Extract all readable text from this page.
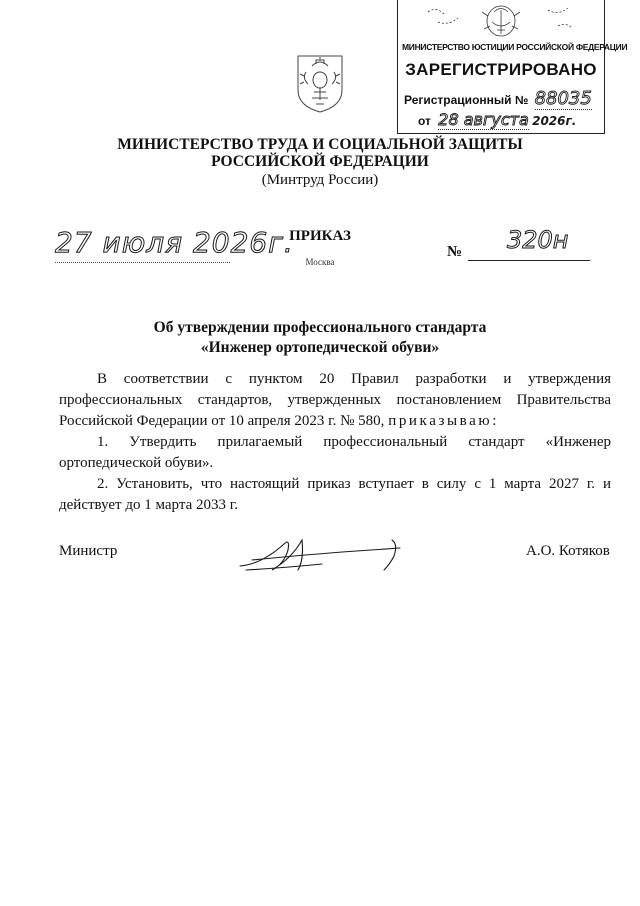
МИНИСТЕРСТВО ЮСТИЦИИ РОССИЙСКОЙ ФЕДЕРАЦИИ
ЗАРЕГИСТРИРОВАНО
Регистрационный № 88035
от 28 августа 2026г.
МИНИСТЕРСТВО ТРУДА И СОЦИАЛЬНОЙ ЗАЩИТЫ
РОССИЙСКОЙ ФЕДЕРАЦИИ
(Минтруд России)
27 июля 2026г.
ПРИКАЗ
Москва
№ 320н
Об утверждении профессионального стандарта
«Инженер ортопедической обуви»

В соответствии с пунктом 20 Правил разработки и утверждения профессиональных стандартов, утвержденных постановлением Правительства Российской Федерации от 10 апреля 2023 г. № 580, приказываю:

1. Утвердить прилагаемый профессиональный стандарт «Инженер ортопедической обуви».

2. Установить, что настоящий приказ вступает в силу с 1 марта 2027 г. и действует до 1 марта 2033 г.

Министр	А.О. Котяков
